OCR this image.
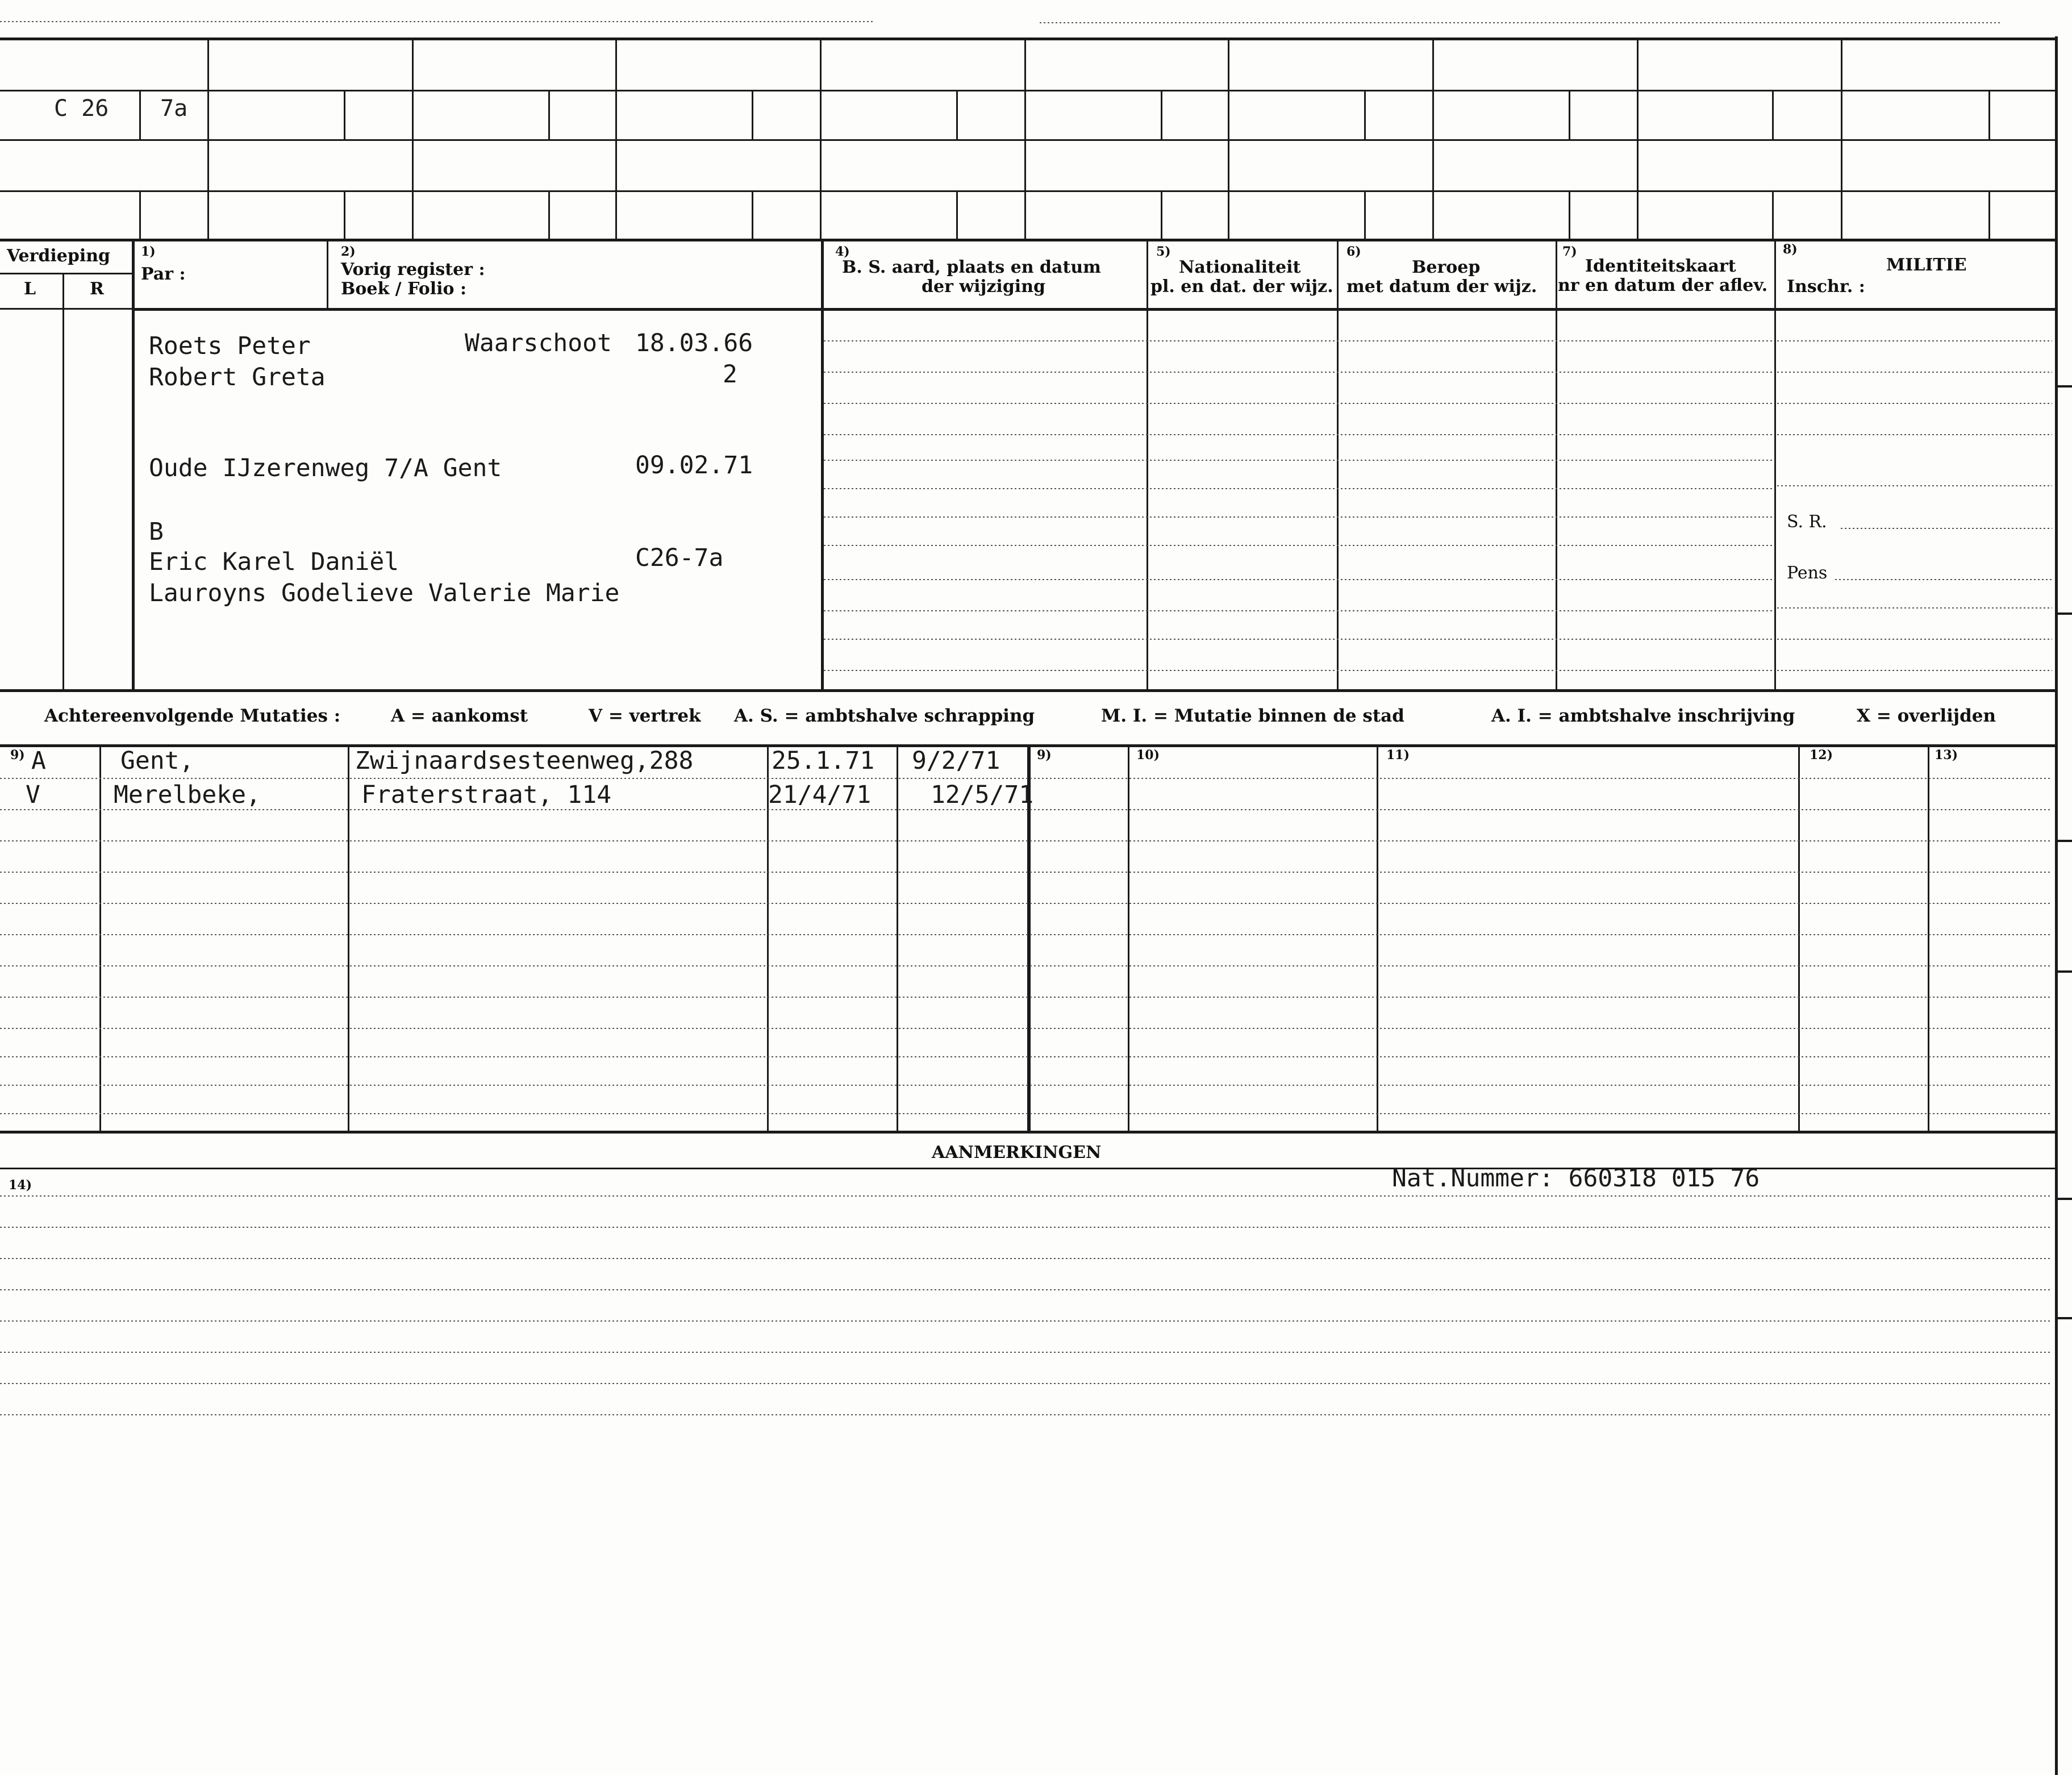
C 26 7a
Verdieping
L	R
1)
Par :
2)
Vorig register :
Boek / Folio :
4)
B. S. aard, plaats en datum
der wijziging
5)
Nationaliteit
pl. en dat. der wijz.
6)
Beroep
met datum der wijz.
7)
Identiteitskaart
nr en datum der aflev.
8)
MILITIE
Inschr. :
S. R.
Pens
Roets Peter	Waarschoot 18.03.66
Robert Greta	2
Oude IJzerenweg 7/A Gent	09.02.71
B
Eric Karel Daniël	C26-7a
Lauroyns Godelieve Valerie Marie
Achtereenvolgende Mutaties :	A = aankomst	V = vertrek A. S. = ambtshalve schrapping	M. I. = Mutatie binnen de stad	A. I. = ambtshalve inschrijving	X = overlijden
9)	9)	10)	11)	12)	13)
A	Gent,	Zwijnaardsesteenweg,288	25.1.71 9/2/71
V	Merelbeke,	Fraterstraat, 114	21/4/71 12/5/71
AANMERKINGEN
14)	Nat.Nummer: 660318 015 76
